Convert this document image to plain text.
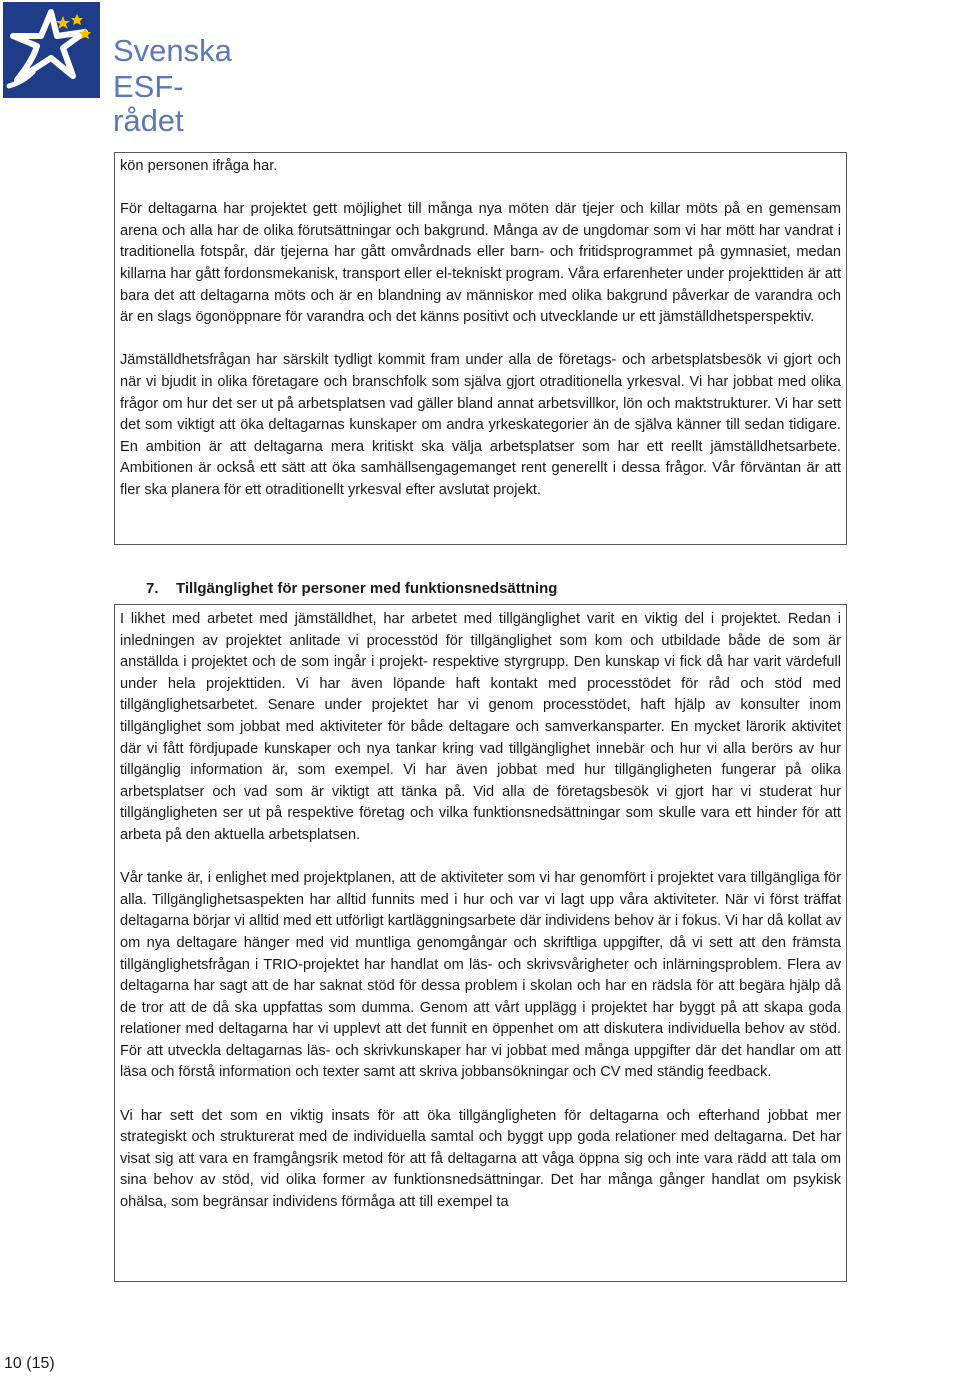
Svenska
ESF-rådet

kön personen ifråga har.

För deltagarna har projektet gett möjlighet till många nya möten där tjejer och killar möts på en gemensam arena och alla har de olika förutsättningar och bakgrund. Många av de ungdomar som vi har mött har vandrat i traditionella fotspår, där tjejerna har gått omvårdnads eller barn- och fritidsprogrammet på gymnasiet, medan killarna har gått fordonsmekanisk, transport eller el-tekniskt program. Våra erfarenheter under projekttiden är att bara det att deltagarna möts och är en blandning av människor med olika bakgrund påverkar de varandra och är en slags ögonöppnare för varandra och det känns positivt och utvecklande ur ett jämställdhetsperspektiv.

Jämställdhetsfrågan har särskilt tydligt kommit fram under alla de företags- och arbetsplatsbesök vi gjort och när vi bjudit in olika företagare och branschfolk som själva gjort otraditionella yrkesval. Vi har jobbat med olika frågor om hur det ser ut på arbetsplatsen vad gäller bland annat arbetsvillkor, lön och maktstrukturer. Vi har sett det som viktigt att öka deltagarnas kunskaper om andra yrkeskategorier än de själva känner till sedan tidigare. En ambition är att deltagarna mera kritiskt ska välja arbetsplatser som har ett reellt jämställdhetsarbete. Ambitionen är också ett sätt att öka samhällsengagemanget rent generellt i dessa frågor. Vår förväntan är att fler ska planera för ett otraditionellt yrkesval efter avslutat projekt.

7. Tillgänglighet för personer med funktionsnedsättning

I likhet med arbetet med jämställdhet, har arbetet med tillgänglighet varit en viktig del i projektet. Redan i inledningen av projektet anlitade vi processtöd för tillgänglighet som kom och utbildade både de som är anställda i projektet och de som ingår i projekt- respektive styrgrupp. Den kunskap vi fick då har varit värdefull under hela projekttiden. Vi har även löpande haft kontakt med processtödet för råd och stöd med tillgänglighetsarbetet. Senare under projektet har vi genom processtödet, haft hjälp av konsulter inom tillgänglighet som jobbat med aktiviteter för både deltagare och samverkansparter. En mycket lärorik aktivitet där vi fått fördjupade kunskaper och nya tankar kring vad tillgänglighet innebär och hur vi alla berörs av hur tillgänglig information är, som exempel. Vi har även jobbat med hur tillgängligheten fungerar på olika arbetsplatser och vad som är viktigt att tänka på. Vid alla de företagsbesök vi gjort har vi studerat hur tillgängligheten ser ut på respektive företag och vilka funktionsnedsättningar som skulle vara ett hinder för att arbeta på den aktuella arbetsplatsen.

Vår tanke är, i enlighet med projektplanen, att de aktiviteter som vi har genomfört i projektet vara tillgängliga för alla. Tillgänglighetsaspekten har alltid funnits med i hur och var vi lagt upp våra aktiviteter. När vi först träffat deltagarna börjar vi alltid med ett utförligt kartläggningsarbete där individens behov är i fokus. Vi har då kollat av om nya deltagare hänger med vid muntliga genomgångar och skriftliga uppgifter, då vi sett att den främsta tillgänglighetsfrågan i TRIO-projektet har handlat om läs- och skrivsvårigheter och inlärningsproblem. Flera av deltagarna har sagt att de har saknat stöd för dessa problem i skolan och har en rädsla för att begära hjälp då de tror att de då ska uppfattas som dumma. Genom att vårt upplägg i projektet har byggt på att skapa goda relationer med deltagarna har vi upplevt att det funnit en öppenhet om att diskutera individuella behov av stöd. För att utveckla deltagarnas läs- och skrivkunskaper har vi jobbat med många uppgifter där det handlar om att läsa och förstå information och texter samt att skriva jobbansökningar och CV med ständig feedback.

Vi har sett det som en viktig insats för att öka tillgängligheten för deltagarna och efterhand jobbat mer strategiskt och strukturerat med de individuella samtal och byggt upp goda relationer med deltagarna. Det har visat sig att vara en framgångsrik metod för att få deltagarna att våga öppna sig och inte vara rädd att tala om sina behov av stöd, vid olika former av funktionsnedsättningar. Det har många gånger handlat om psykisk ohälsa, som begränsar individens förmåga att till exempel ta

10 (15)
